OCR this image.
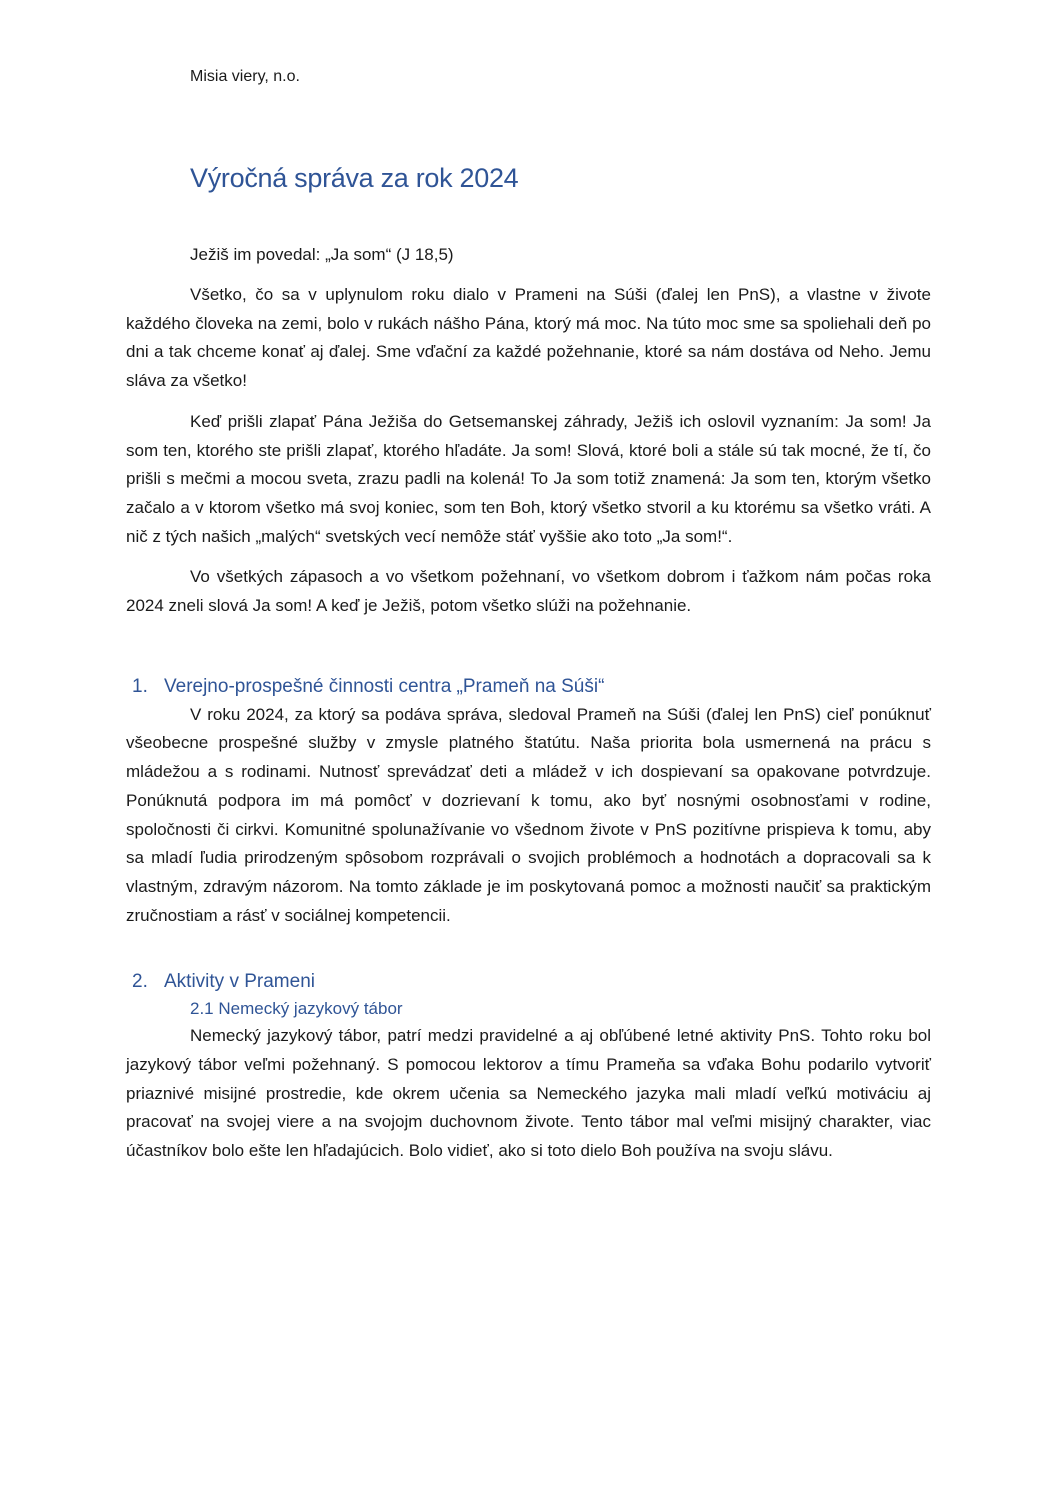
Misia viery, n.o.
Výročná správa za rok 2024
Ježiš im povedal: „Ja som“ (J 18,5)

Všetko, čo sa v uplynulom roku dialo v Prameni na Súši (ďalej len PnS), a vlastne v živote každého človeka na zemi, bolo v rukách nášho Pána, ktorý má moc. Na túto moc sme sa spoliehali deň po dni a tak chceme konať aj ďalej. Sme vďační za každé požehnanie, ktoré sa nám dostáva od Neho. Jemu sláva za všetko!

Keď prišli zlapať Pána Ježiša do Getsemanskej záhrady, Ježiš ich oslovil vyznaním: Ja som! Ja som ten, ktorého ste prišli zlapať, ktorého hľadáte. Ja som! Slová, ktoré boli a stále sú tak mocné, že tí, čo prišli s mečmi a mocou sveta, zrazu padli na kolená! To Ja som totiž znamená: Ja som ten, ktorým všetko začalo a v ktorom všetko má svoj koniec, som ten Boh, ktorý všetko stvoril a ku ktorému sa všetko vráti. A nič z tých našich „malých“ svetských vecí nemôže stáť vyššie ako toto „Ja som!“.

Vo všetkých zápasoch a vo všetkom požehnaní, vo všetkom dobrom i ťažkom nám počas roka 2024 zneli slová Ja som! A keď je Ježiš, potom všetko slúži na požehnanie.

1. Verejno-prospešné činnosti centra „Prameň na Súši“

V roku 2024, za ktorý sa podáva správa, sledoval Prameň na Súši (ďalej len PnS) cieľ ponúknuť všeobecne prospešné služby v zmysle platného štatútu. Naša priorita bola usmernená na prácu s mládežou a s rodinami. Nutnosť sprevádzať deti a mládež v ich dospievaní sa opakovane potvrdzuje. Ponúknutá podpora im má pomôcť v dozrievaní k tomu, ako byť nosnými osobnosťami v rodine, spoločnosti či cirkvi. Komunitné spolunažívanie vo všednom živote v PnS pozitívne prispieva k tomu, aby sa mladí ľudia prirodzeným spôsobom rozprávali o svojich problémoch a hodnotách a dopracovali sa k vlastným, zdravým názorom. Na tomto základe je im poskytovaná pomoc a možnosti naučiť sa praktickým zručnostiam a rásť v sociálnej kompetencii.

2. Aktivity v Prameni
2.1 Nemecký jazykový tábor

Nemecký jazykový tábor, patrí medzi pravidelné a aj obľúbené letné aktivity PnS. Tohto roku bol jazykový tábor veľmi požehnaný. S pomocou lektorov a tímu Prameňa sa vďaka Bohu podarilo vytvoriť priaznivé misijné prostredie, kde okrem učenia sa Nemeckého jazyka mali mladí veľkú motiváciu aj pracovať na svojej viere a na svojojm duchovnom živote. Tento tábor mal veľmi misijný charakter, viac účastníkov bolo ešte len hľadajúcich. Bolo vidieť, ako si toto dielo Boh používa na svoju slávu.
